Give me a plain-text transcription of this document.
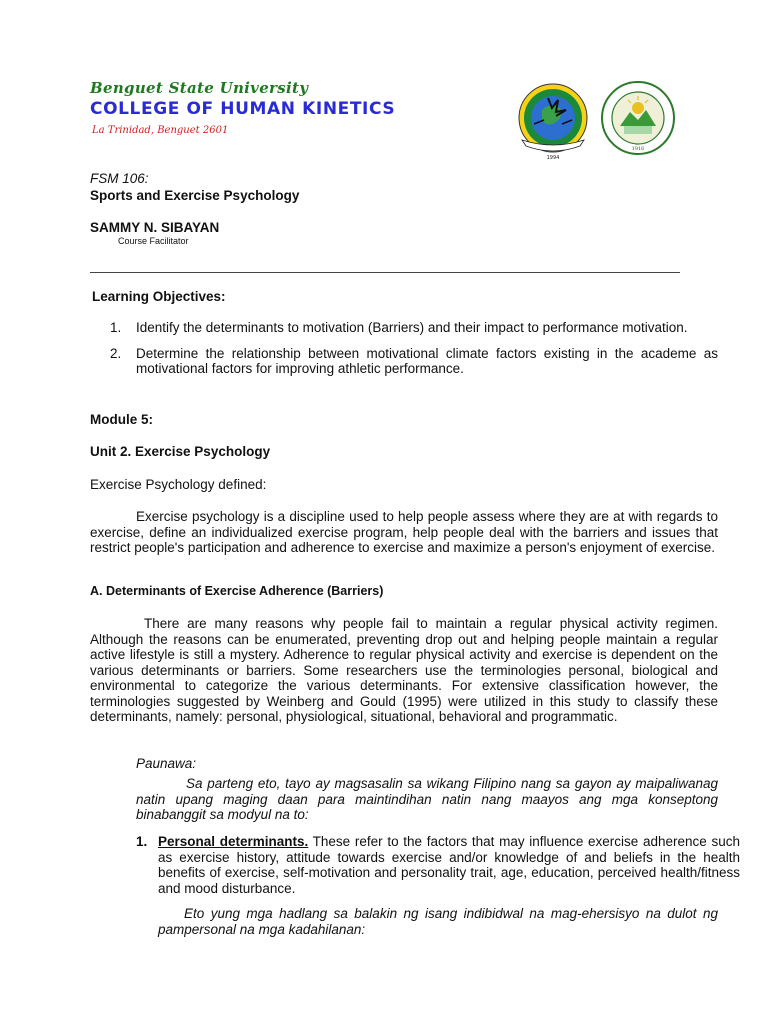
Benguet State University
COLLEGE OF HUMAN KINETICS
La Trinidad, Benguet 2601
1994
1916
FSM 106:
Sports and Exercise Psychology
SAMMY N. SIBAYAN
Course Facilitator
Learning Objectives:
1. Identify the determinants to motivation (Barriers) and their impact to performance motivation.
2. Determine the relationship between motivational climate factors existing in the academe as motivational factors for improving athletic performance.
Module 5:
Unit 2. Exercise Psychology
Exercise Psychology defined:
Exercise psychology is a discipline used to help people assess where they are at with regards to exercise, define an individualized exercise program, help people deal with the barriers and issues that restrict people's participation and adherence to exercise and maximize a person's enjoyment of exercise.
A. Determinants of Exercise Adherence (Barriers)
There are many reasons why people fail to maintain a regular physical activity regimen. Although the reasons can be enumerated, preventing drop out and helping people maintain a regular active lifestyle is still a mystery. Adherence to regular physical activity and exercise is dependent on the various determinants or barriers. Some researchers use the terminologies personal, biological and environmental to categorize the various determinants. For extensive classification however, the terminologies suggested by Weinberg and Gould (1995) were utilized in this study to classify these determinants, namely: personal, physiological, situational, behavioral and programmatic.
Paunawa:
Sa parteng eto, tayo ay magsasalin sa wikang Filipino nang sa gayon ay maipaliwanag natin upang maging daan para maintindihan natin nang maayos ang mga konseptong binabanggit sa modyul na to:
1. Personal determinants. These refer to the factors that may influence exercise adherence such as exercise history, attitude towards exercise and/or knowledge of and beliefs in the health benefits of exercise, self-motivation and personality trait, age, education, perceived health/fitness and mood disturbance.
Eto yung mga hadlang sa balakin ng isang indibidwal na mag-ehersisyo na dulot ng pampersonal na mga kadahilanan:
